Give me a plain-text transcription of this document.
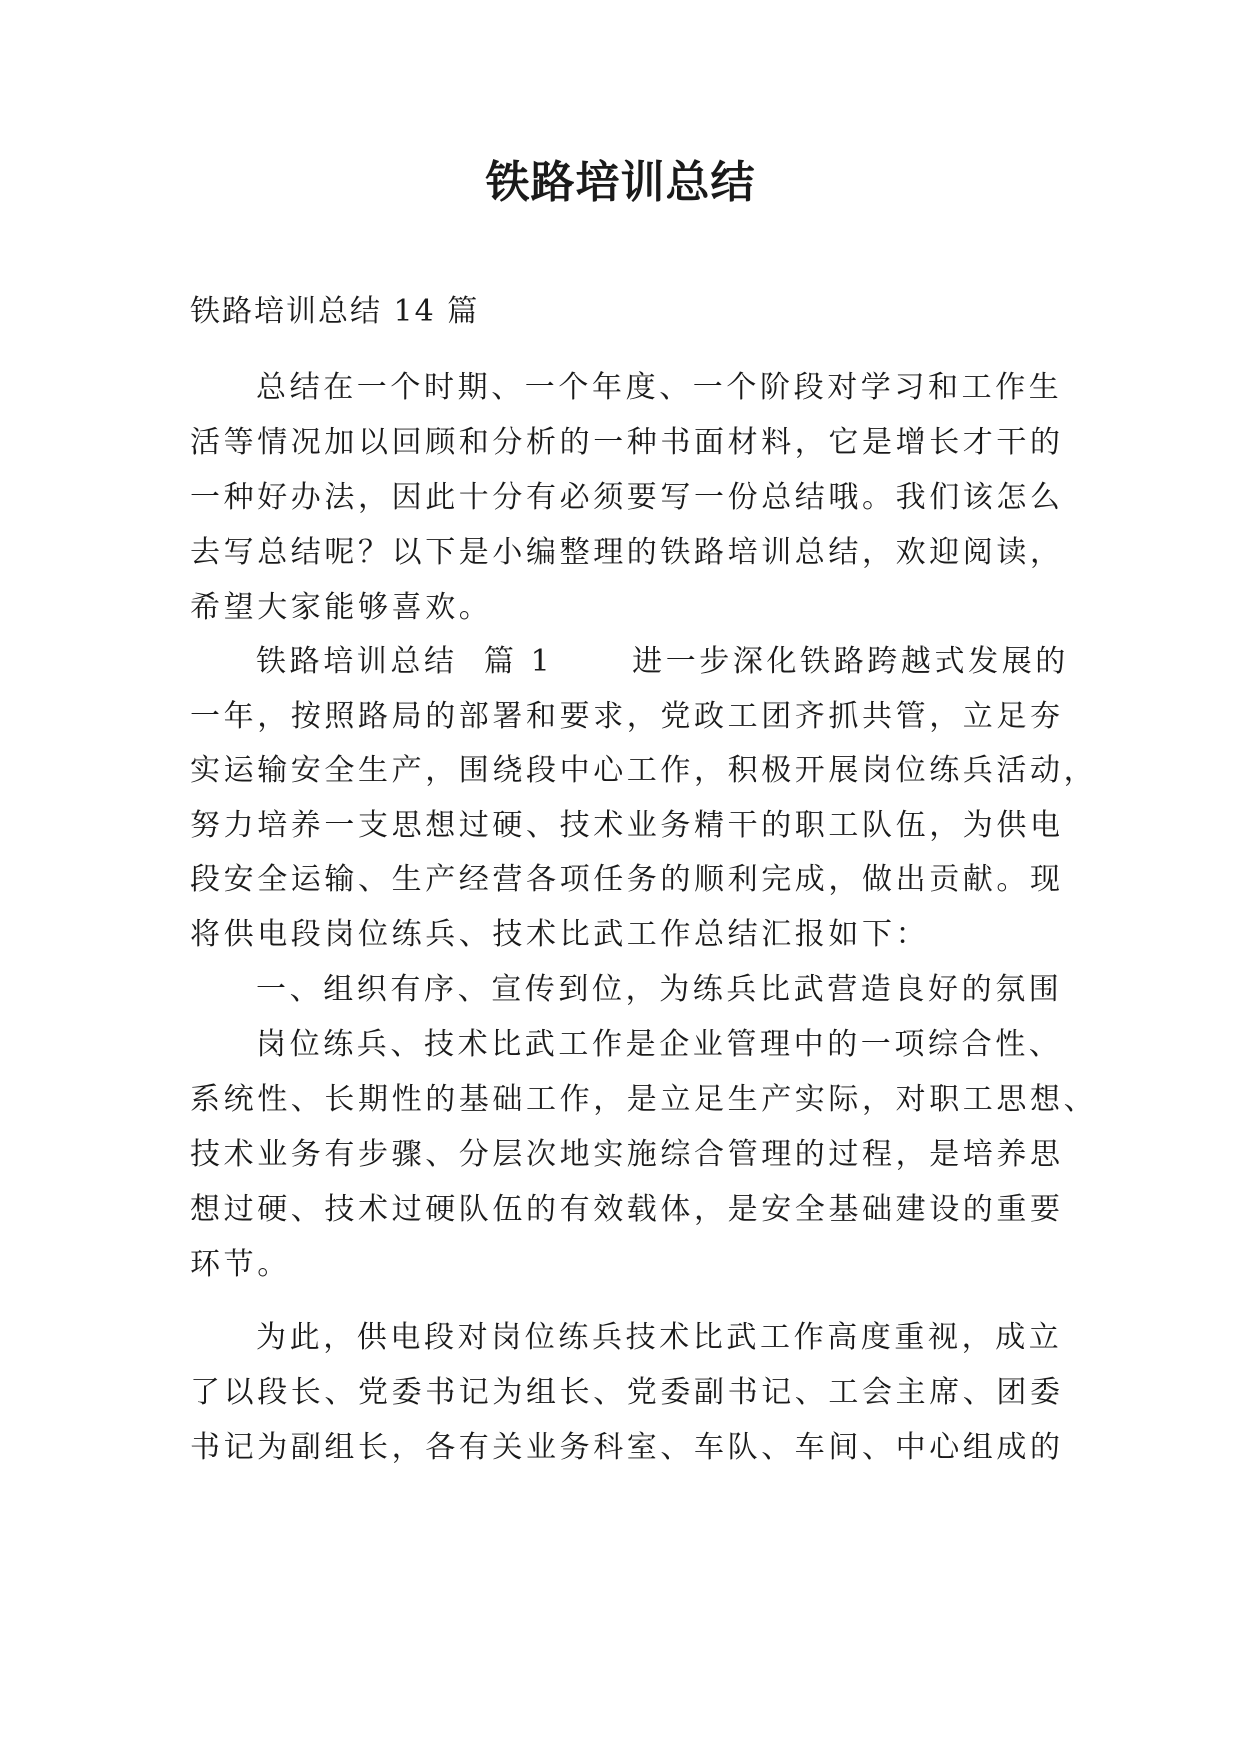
铁路培训总结
铁路培训总结 14 篇
总结在一个时期、一个年度、一个阶段对学习和工作生
活等情况加以回顾和分析的一种书面材料，它是增长才干的
一种好办法，因此十分有必须要写一份总结哦。我们该怎么
去写总结呢？以下是小编整理的铁路培训总结，欢迎阅读，
希望大家能够喜欢。
铁路培训总结  篇 1      进一步深化铁路跨越式发展的
一年，按照路局的部署和要求，党政工团齐抓共管，立足夯
实运输安全生产，围绕段中心工作，积极开展岗位练兵活动，
努力培养一支思想过硬、技术业务精干的职工队伍，为供电
段安全运输、生产经营各项任务的顺利完成，做出贡献。现
将供电段岗位练兵、技术比武工作总结汇报如下：
一、组织有序、宣传到位，为练兵比武营造良好的氛围
岗位练兵、技术比武工作是企业管理中的一项综合性、
系统性、长期性的基础工作，是立足生产实际，对职工思想、
技术业务有步骤、分层次地实施综合管理的过程，是培养思
想过硬、技术过硬队伍的有效载体，是安全基础建设的重要
环节。
为此，供电段对岗位练兵技术比武工作高度重视，成立
了以段长、党委书记为组长、党委副书记、工会主席、团委
书记为副组长，各有关业务科室、车队、车间、中心组成的
